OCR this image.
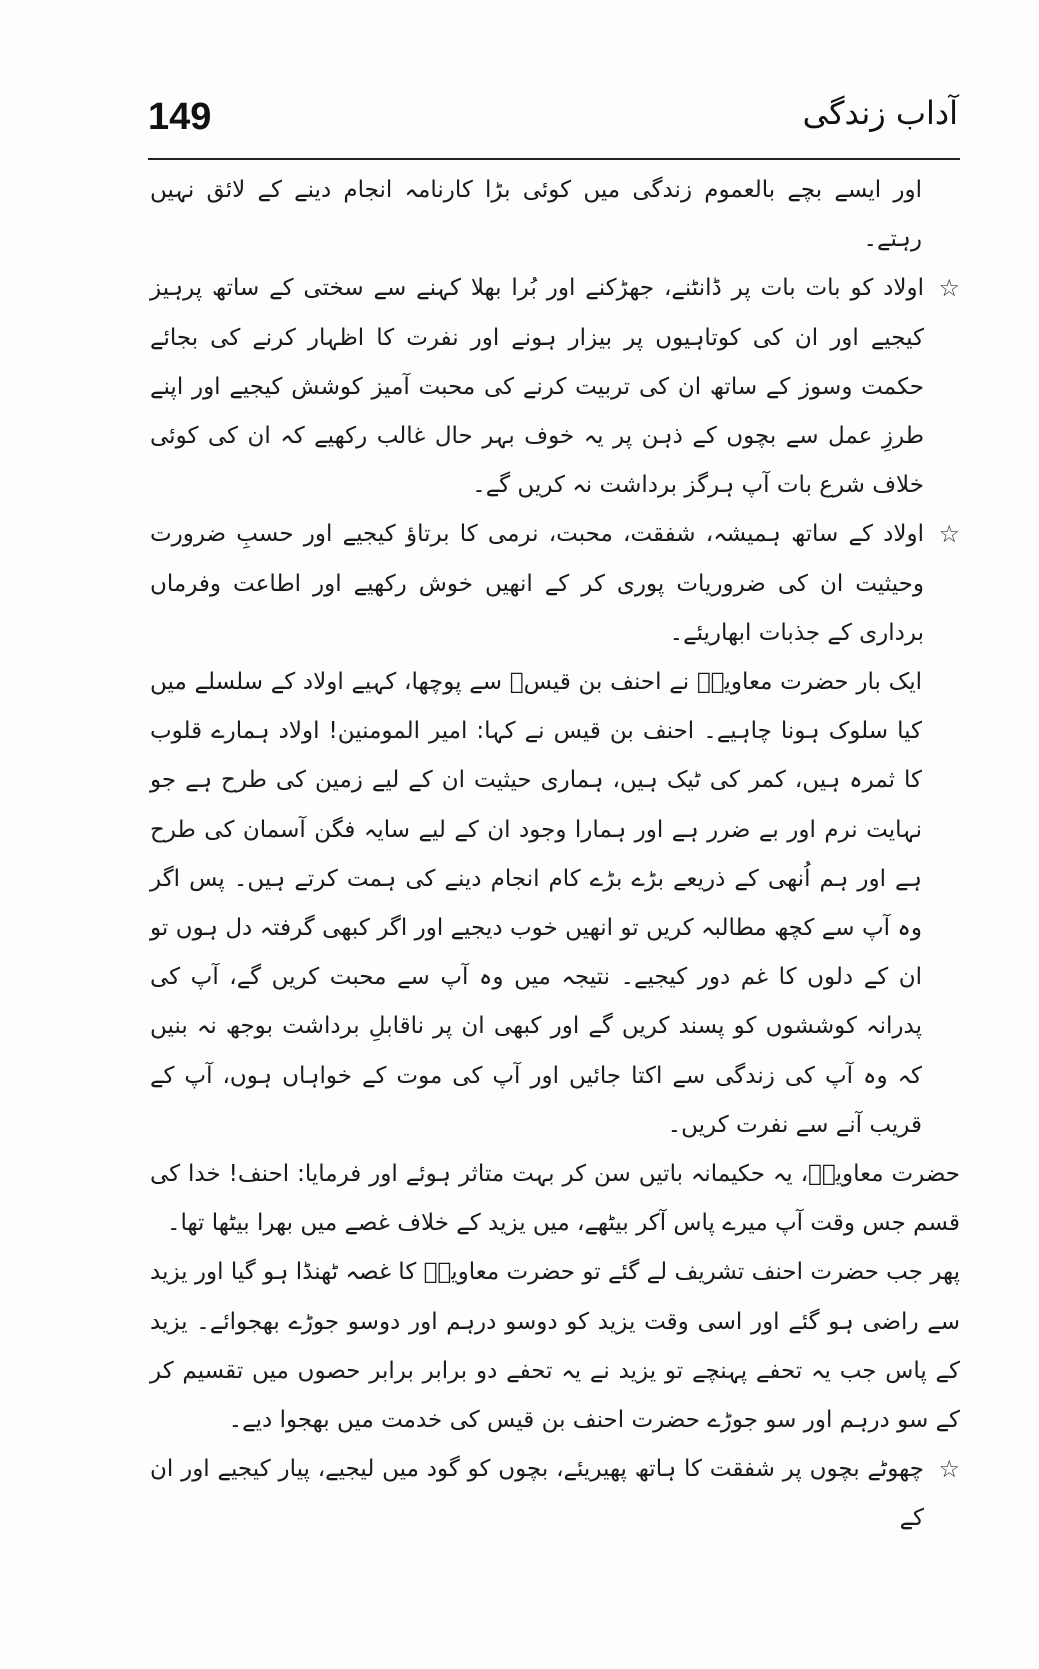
149	آداب زندگی

اور ایسے بچے بالعموم زندگی میں کوئی بڑا کارنامہ انجام دینے کے لائق نہیں رہتے۔

☆
اولاد کو بات بات پر ڈانٹنے، جھڑکنے اور بُرا بھلا کہنے سے سختی کے ساتھ پرہیز کیجیے اور ان کی کوتاہیوں پر بیزار ہونے اور نفرت کا اظہار کرنے کی بجائے حکمت وسوز کے ساتھ ان کی تربیت کرنے کی محبت آمیز کوشش کیجیے اور اپنے طرزِ عمل سے بچوں کے ذہن پر یہ خوف بہر حال غالب رکھیے کہ ان کی کوئی خلاف شرع بات آپ ہرگز برداشت نہ کریں گے۔

☆
اولاد کے ساتھ ہمیشہ، شفقت، محبت، نرمی کا برتاؤ کیجیے اور حسبِ ضرورت وحیثیت ان کی ضروریات پوری کر کے انھیں خوش رکھیے اور اطاعت وفرماں برداری کے جذبات ابھاریئے۔

ایک بار حضرت معاویہؓ نے احنف بن قیسؓ سے پوچھا، کہیے اولاد کے سلسلے میں کیا سلوک ہونا چاہیے۔ احنف بن قیس نے کہا: امیر المومنین! اولاد ہمارے قلوب کا ثمرہ ہیں، کمر کی ٹیک ہیں، ہماری حیثیت ان کے لیے زمین کی طرح ہے جو نہایت نرم اور بے ضرر ہے اور ہمارا وجود ان کے لیے سایہ فگن آسمان کی طرح ہے اور ہم اُنھی کے ذریعے بڑے بڑے کام انجام دینے کی ہمت کرتے ہیں۔ پس اگر وہ آپ سے کچھ مطالبہ کریں تو انھیں خوب دیجیے اور اگر کبھی گرفتہ دل ہوں تو ان کے دلوں کا غم دور کیجیے۔ نتیجہ میں وہ آپ سے محبت کریں گے، آپ کی پدرانہ کوششوں کو پسند کریں گے اور کبھی ان پر ناقابلِ برداشت بوجھ نہ بنیں کہ وہ آپ کی زندگی سے اکتا جائیں اور آپ کی موت کے خواہاں ہوں، آپ کے قریب آنے سے نفرت کریں۔

حضرت معاویہؓ، یہ حکیمانہ باتیں سن کر بہت متاثر ہوئے اور فرمایا: احنف! خدا کی قسم جس وقت آپ میرے پاس آکر بیٹھے، میں یزید کے خلاف غصے میں بھرا بیٹھا تھا۔

پھر جب حضرت احنف تشریف لے گئے تو حضرت معاویہؓ کا غصہ ٹھنڈا ہو گیا اور یزید سے راضی ہو گئے اور اسی وقت یزید کو دوسو درہم اور دوسو جوڑے بھجوائے۔ یزید کے پاس جب یہ تحفے پہنچے تو یزید نے یہ تحفے دو برابر برابر حصوں میں تقسیم کر کے سو درہم اور سو جوڑے حضرت احنف بن قیس کی خدمت میں بھجوا دیے۔

☆
چھوٹے بچوں پر شفقت کا ہاتھ پھیریئے، بچوں کو گود میں لیجیے، پیار کیجیے اور ان کے
